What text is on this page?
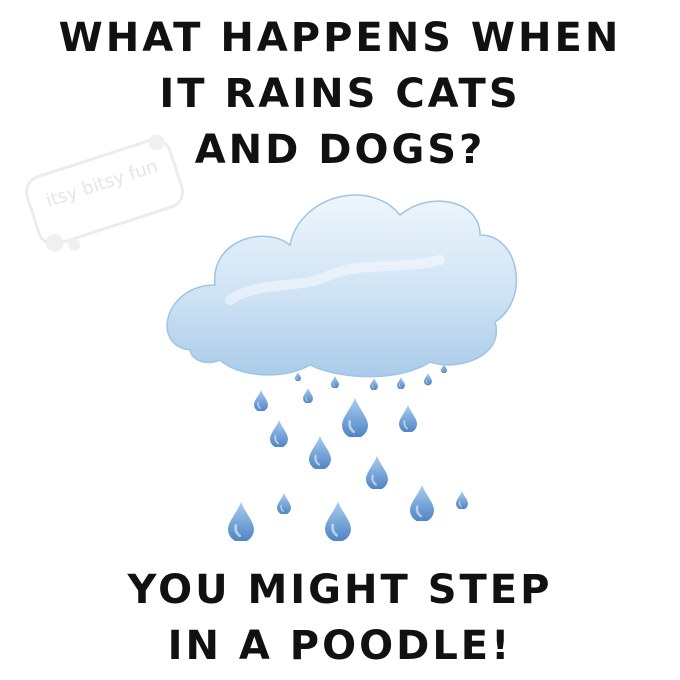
WHAT HAPPENS WHEN
IT RAINS CATS
AND DOGS?
itsy bitsy fun
YOU MIGHT STEP
IN A POODLE!
